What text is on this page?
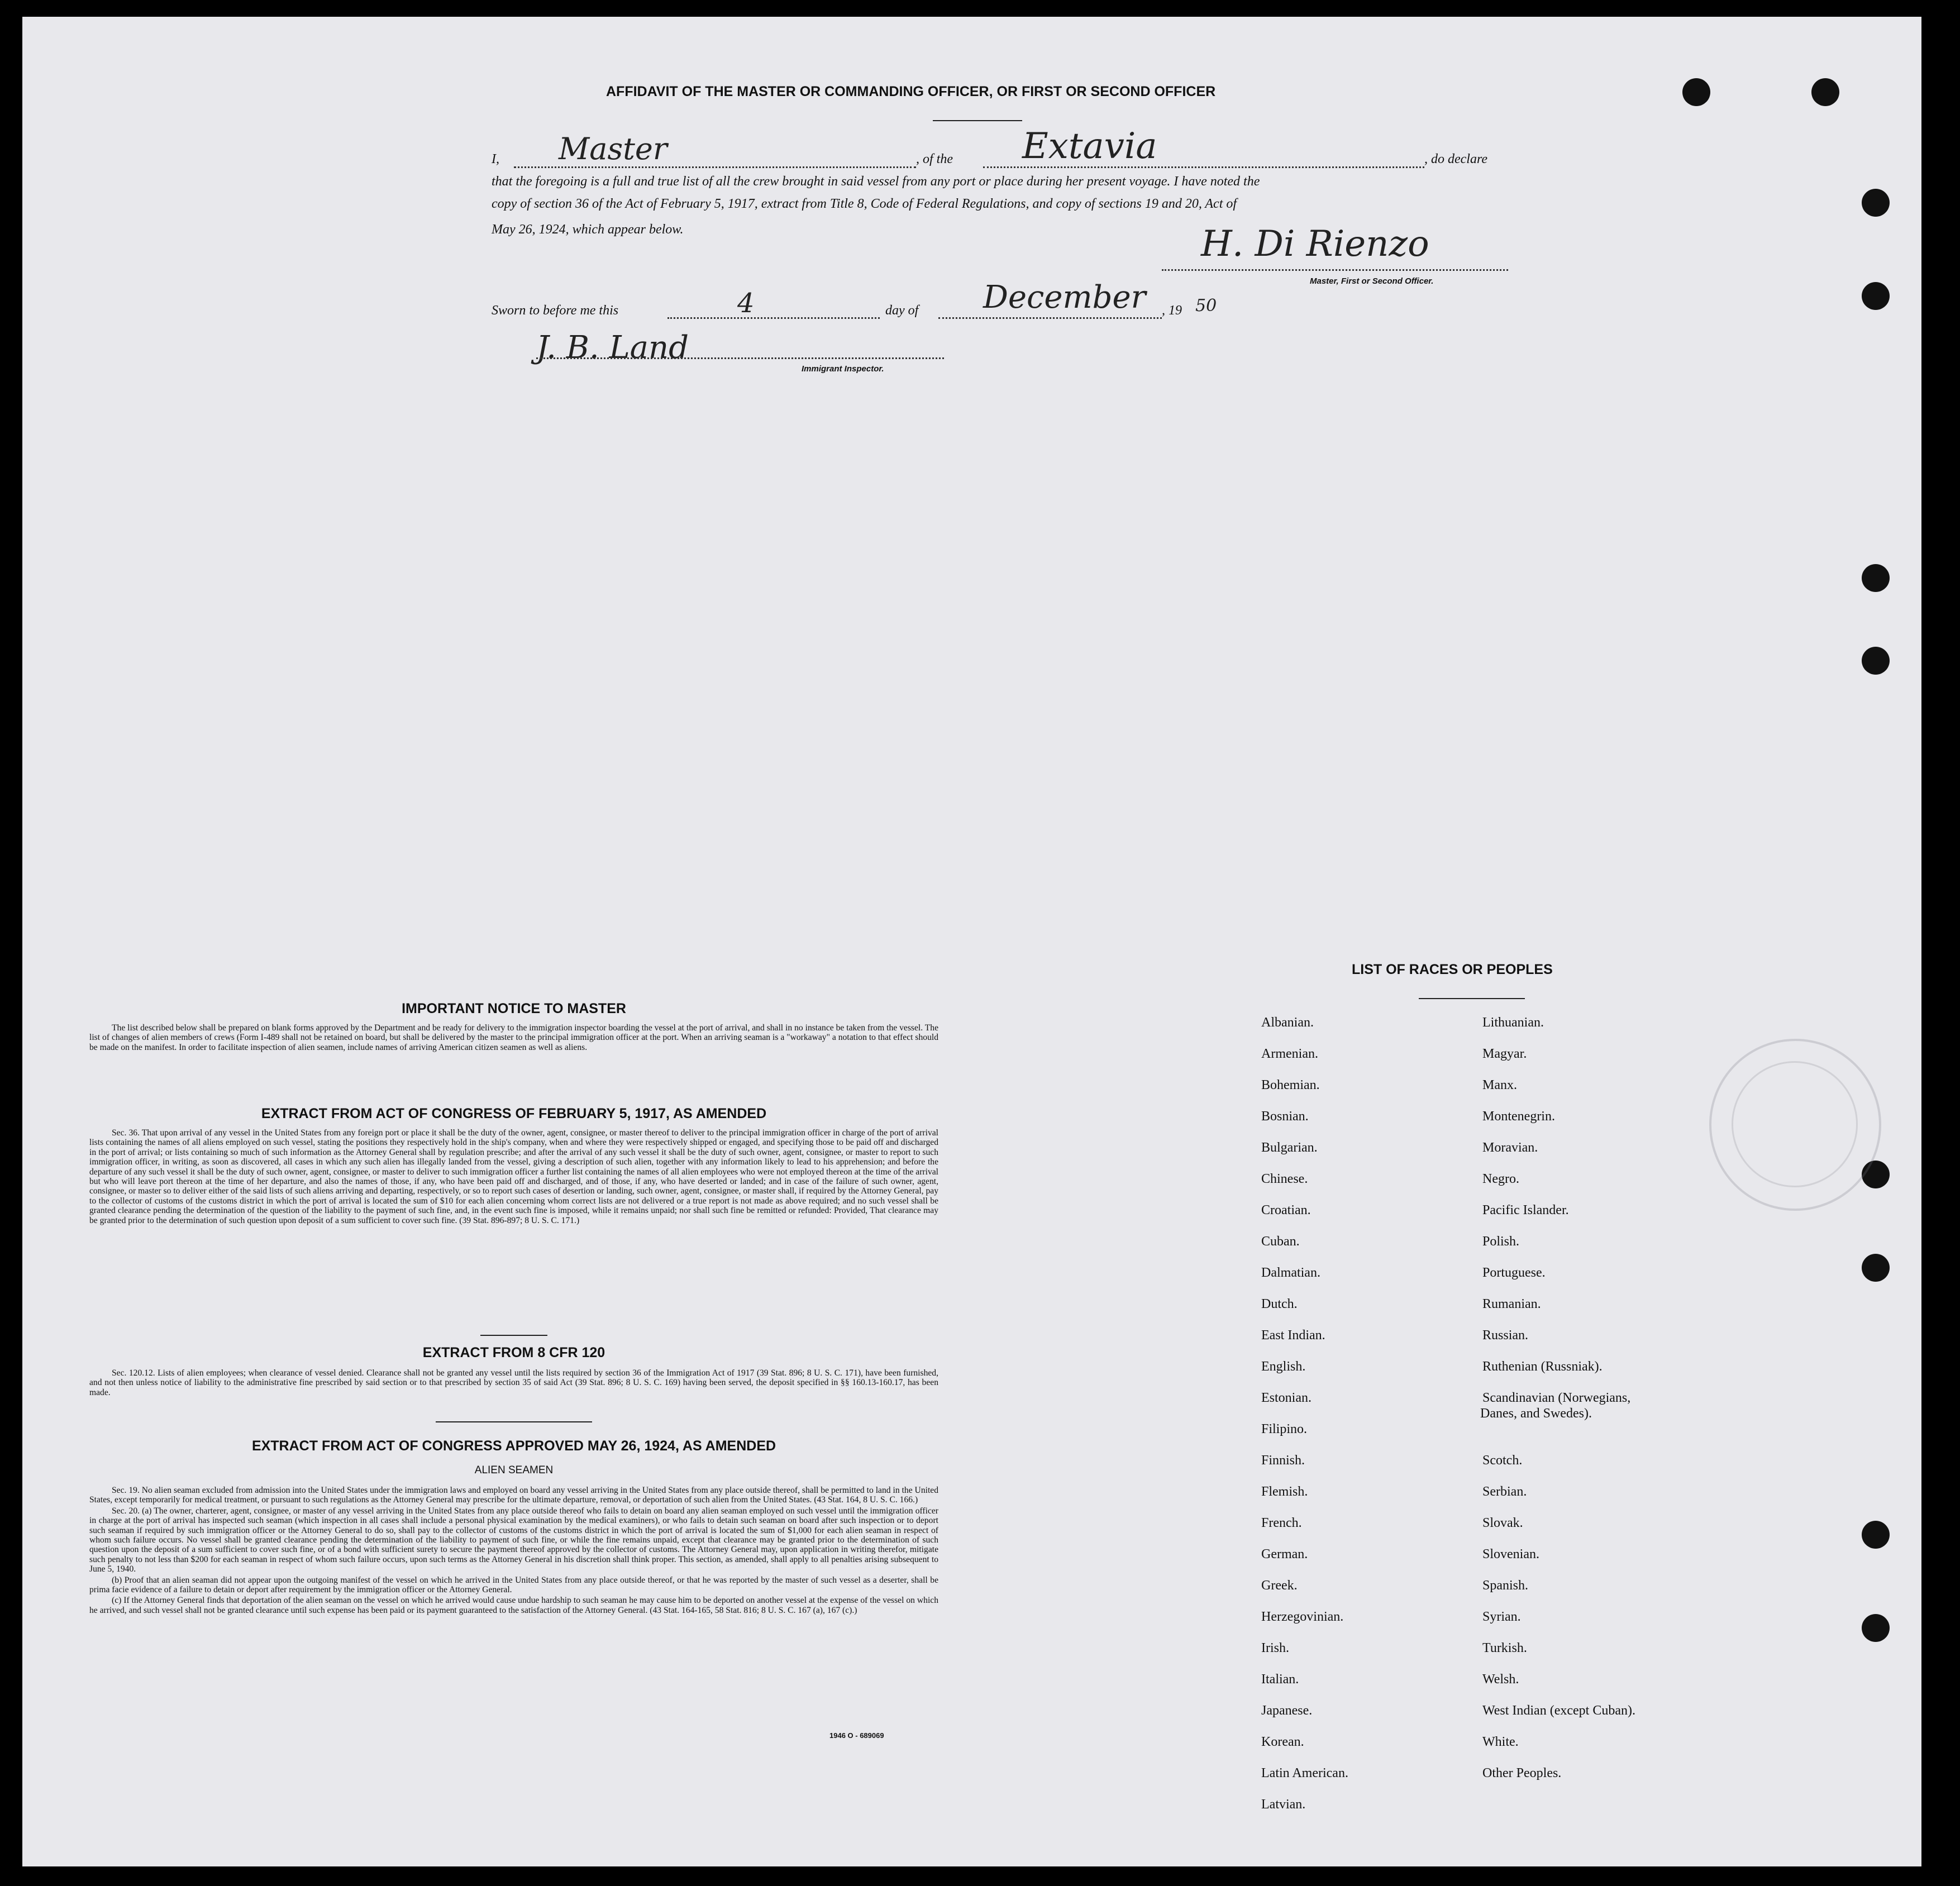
AFFIDAVIT OF THE MASTER OR COMMANDING OFFICER, OR FIRST OR SECOND OFFICER
I, Master	, of the Extavia	, do declare
that the foregoing is a full and true list of all the crew brought in said vessel from any port or place during her present voyage. I have noted the
copy of section 36 of the Act of February 5, 1917, extract from Title 8, Code of Federal Regulations, and copy of sections 19 and 20, Act of
May 26, 1924, which appear below.	H. Di Rienzo
Master, First or Second Officer.
Sworn to before me this	4	day of December , 19 50
J. B. Land
Immigrant Inspector.
IMPORTANT NOTICE TO MASTER

The list described below shall be prepared on blank forms approved by the Department and be ready for delivery to the immigration inspector boarding the vessel at the port of arrival, and shall in no instance be taken from the vessel. The list of changes of alien members of crews (Form I-489 shall not be retained on board, but shall be delivered by the master to the principal immigration officer at the port. When an arriving seaman is a "workaway" a notation to that effect should be made on the manifest. In order to facilitate inspection of alien seamen, include names of arriving American citizen seamen as well as aliens.

EXTRACT FROM ACT OF CONGRESS OF FEBRUARY 5, 1917, AS AMENDED

Sec. 36. That upon arrival of any vessel in the United States from any foreign port or place it shall be the duty of the owner, agent, consignee, or master thereof to deliver to the principal immigration officer in charge of the port of arrival lists containing the names of all aliens employed on such vessel, stating the positions they respectively hold in the ship's company, when and where they were respectively shipped or engaged, and specifying those to be paid off and discharged in the port of arrival; or lists containing so much of such information as the Attorney General shall by regulation prescribe; and after the arrival of any such vessel it shall be the duty of such owner, agent, consignee, or master to report to such immigration officer, in writing, as soon as discovered, all cases in which any such alien has illegally landed from the vessel, giving a description of such alien, together with any information likely to lead to his apprehension; and before the departure of any such vessel it shall be the duty of such owner, agent, consignee, or master to deliver to such immigration officer a further list containing the names of all alien employees who were not employed thereon at the time of the arrival but who will leave port thereon at the time of her departure, and also the names of those, if any, who have been paid off and discharged, and of those, if any, who have deserted or landed; and in case of the failure of such owner, agent, consignee, or master so to deliver either of the said lists of such aliens arriving and departing, respectively, or so to report such cases of desertion or landing, such owner, agent, consignee, or master shall, if required by the Attorney General, pay to the collector of customs of the customs district in which the port of arrival is located the sum of $10 for each alien concerning whom correct lists are not delivered or a true report is not made as above required; and no such vessel shall be granted clearance pending the determination of the question of the liability to the payment of such fine, and, in the event such fine is imposed, while it remains unpaid; nor shall such fine be remitted or refunded: Provided, That clearance may be granted prior to the determination of such question upon deposit of a sum sufficient to cover such fine. (39 Stat. 896-897; 8 U. S. C. 171.)

EXTRACT FROM 8 CFR 120

Sec. 120.12. Lists of alien employees; when clearance of vessel denied. Clearance shall not be granted any vessel until the lists required by section 36 of the Immigration Act of 1917 (39 Stat. 896; 8 U. S. C. 171), have been furnished, and not then unless notice of liability to the administrative fine prescribed by said section or to that prescribed by section 35 of said Act (39 Stat. 896; 8 U. S. C. 169) having been served, the deposit specified in §§ 160.13-160.17, has been made.

EXTRACT FROM ACT OF CONGRESS APPROVED MAY 26, 1924, AS AMENDED
ALIEN SEAMEN

Sec. 19. No alien seaman excluded from admission into the United States under the immigration laws and employed on board any vessel arriving in the United States from any place outside thereof, shall be permitted to land in the United States, except temporarily for medical treatment, or pursuant to such regulations as the Attorney General may prescribe for the ultimate departure, removal, or deportation of such alien from the United States. (43 Stat. 164, 8 U. S. C. 166.)

Sec. 20. (a) The owner, charterer, agent, consignee, or master of any vessel arriving in the United States from any place outside thereof who fails to detain on board any alien seaman employed on such vessel until the immigration officer in charge at the port of arrival has inspected such seaman (which inspection in all cases shall include a personal physical examination by the medical examiners), or who fails to detain such seaman on board after such inspection or to deport such seaman if required by such immigration officer or the Attorney General to do so, shall pay to the collector of customs of the customs district in which the port of arrival is located the sum of $1,000 for each alien seaman in respect of whom such failure occurs. No vessel shall be granted clearance pending the determination of the liability to payment of such fine, or while the fine remains unpaid, except that clearance may be granted prior to the determination of such question upon the deposit of a sum sufficient to cover such fine, or of a bond with sufficient surety to secure the payment thereof approved by the collector of customs. The Attorney General may, upon application in writing therefor, mitigate such penalty to not less than $200 for each seaman in respect of whom such failure occurs, upon such terms as the Attorney General in his discretion shall think proper. This section, as amended, shall apply to all penalties arising subsequent to June 5, 1940.

(b) Proof that an alien seaman did not appear upon the outgoing manifest of the vessel on which he arrived in the United States from any place outside thereof, or that he was reported by the master of such vessel as a deserter, shall be prima facie evidence of a failure to detain or deport after requirement by the immigration officer or the Attorney General.

(c) If the Attorney General finds that deportation of the alien seaman on the vessel on which he arrived would cause undue hardship to such seaman he may cause him to be deported on another vessel at the expense of the vessel on which he arrived, and such vessel shall not be granted clearance until such expense has been paid or its payment guaranteed to the satisfaction of the Attorney General. (43 Stat. 164-165, 58 Stat. 816; 8 U. S. C. 167 (a), 167 (c).)

1946 O - 689069
LIST OF RACES OR PEOPLES
Albanian.
Armenian.
Bohemian.
Bosnian.
Bulgarian.
Chinese.
Croatian.
Cuban.
Dalmatian.
Dutch.
East Indian.
English.
Estonian.
Filipino.
Finnish.
Flemish.
French.
German.
Greek.
Herzegovinian.
Irish.
Italian.
Japanese.
Korean.
Latin American.
Latvian.
Lithuanian.
Magyar.
Manx.
Montenegrin.
Moravian.
Negro.
Pacific Islander.
Polish.
Portuguese.
Rumanian.
Russian.
Ruthenian (Russniak).
Scandinavian (Norwegians,
Danes, and Swedes).
Scotch.
Serbian.
Slovak.
Slovenian.
Spanish.
Syrian.
Turkish.
Welsh.
West Indian (except Cuban).
White.
Other Peoples.
